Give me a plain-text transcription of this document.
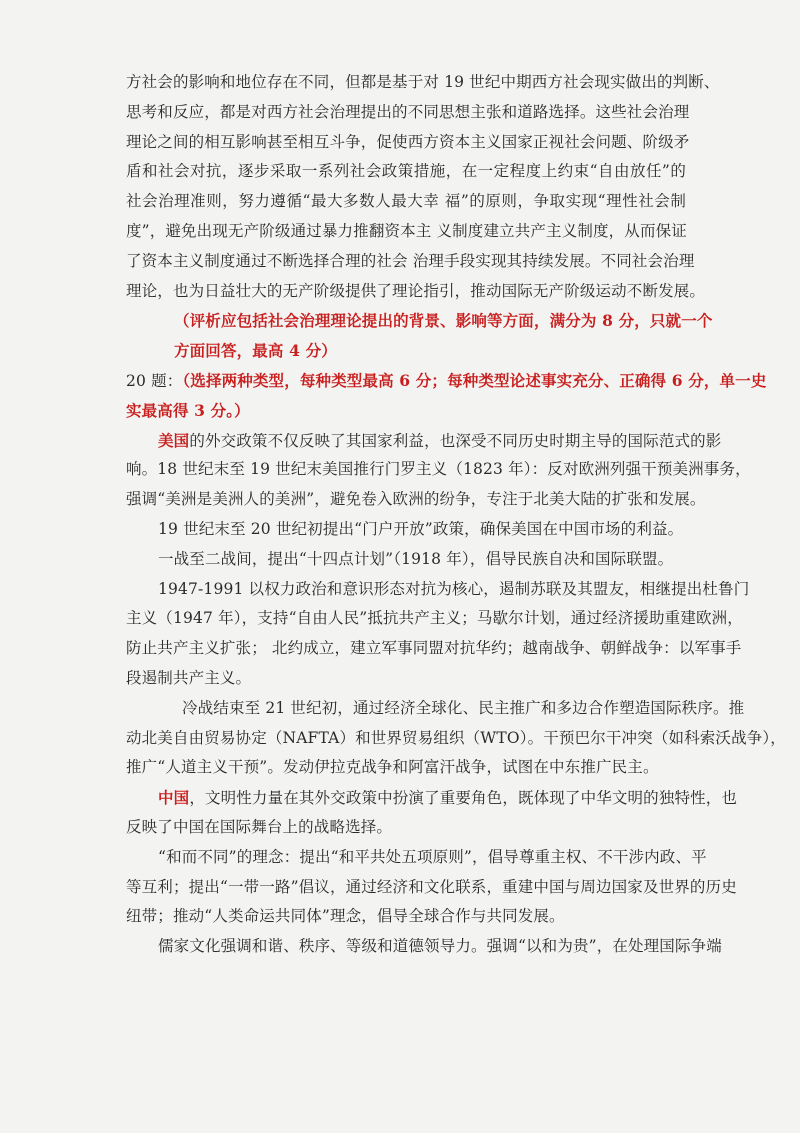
方社会的影响和地位存在不同，但都是基于对 19 世纪中期西方社会现实做出的判断、
思考和反应，都是对西方社会治理提出的不同思想主张和道路选择。这些社会治理
理论之间的相互影响甚至相互斗争，促使西方资本主义国家正视社会问题、阶级矛
盾和社会对抗，逐步采取一系列社会政策措施，在一定程度上约束“自由放任”的
社会治理准则，努力遵循“最大多数人最大幸 福”的原则，争取实现“理性社会制
度”，避免出现无产阶级通过暴力推翻资本主 义制度建立共产主义制度，从而保证
了资本主义制度通过不断选择合理的社会 治理手段实现其持续发展。不同社会治理
理论，也为日益壮大的无产阶级提供了理论指引，推动国际无产阶级运动不断发展。
（评析应包括社会治理理论提出的背景、影响等方面，满分为 8 分，只就一个
方面回答，最高 4 分）
20 题：（选择两种类型，每种类型最高 6 分；每种类型论述事实充分、正确得 6 分，单一史
实最高得 3 分。）
美国的外交政策不仅反映了其国家利益，也深受不同历史时期主导的国际范式的影
响。18 世纪末至 19 世纪末美国推行门罗主义（1823 年）：反对欧洲列强干预美洲事务，
强调“美洲是美洲人的美洲”，避免卷入欧洲的纷争，专注于北美大陆的扩张和发展。
19 世纪末至 20 世纪初提出“门户开放”政策，确保美国在中国市场的利益。
一战至二战间，提出“十四点计划”（1918 年），倡导民族自决和国际联盟。
1947-1991 以权力政治和意识形态对抗为核心，遏制苏联及其盟友，相继提出杜鲁门
主义（1947 年），支持“自由人民”抵抗共产主义；马歇尔计划，通过经济援助重建欧洲，
防止共产主义扩张； 北约成立，建立军事同盟对抗华约；越南战争、朝鲜战争：以军事手
段遏制共产主义。
冷战结束至 21 世纪初，通过经济全球化、民主推广和多边合作塑造国际秩序。推
动北美自由贸易协定（NAFTA）和世界贸易组织（WTO）。干预巴尔干冲突（如科索沃战争），
推广“人道主义干预”。发动伊拉克战争和阿富汗战争，试图在中东推广民主。
中国，文明性力量在其外交政策中扮演了重要角色，既体现了中华文明的独特性，也
反映了中国在国际舞台上的战略选择。
“和而不同”的理念：提出“和平共处五项原则”，倡导尊重主权、不干涉内政、平
等互利；提出“一带一路”倡议，通过经济和文化联系，重建中国与周边国家及世界的历史
纽带；推动“人类命运共同体”理念，倡导全球合作与共同发展。
儒家文化强调和谐、秩序、等级和道德领导力。强调“以和为贵”，在处理国际争端
